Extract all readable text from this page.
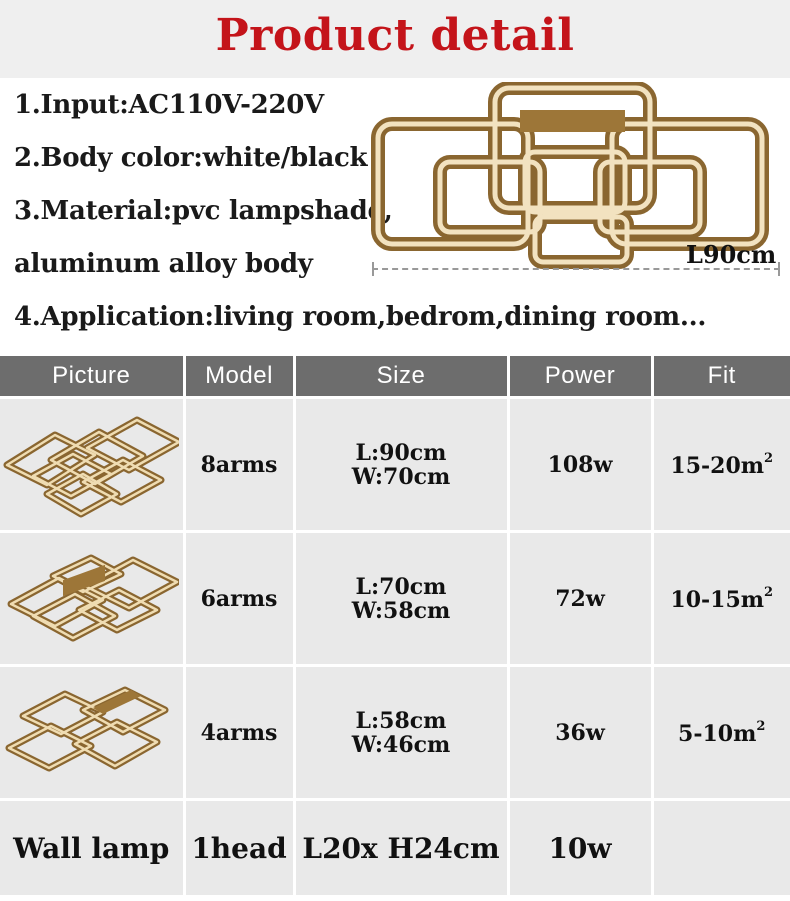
Product detail
1.Input:AC110V-220V
2.Body color:white/black
3.Material:pvc lampshade,
aluminum alloy body
4.Application:living room,bedrom,dining room...
L90cm
Picture	Model	Size	Power	Fit

	8arms	L:90cm
W:70cm	108w	$15-20m^2$

	6arms	L:70cm
W:58cm	72w	$10-15m^2$

	4arms	L:58cm
W:46cm	36w	$5-10m^2$
Wall lamp	1head	L20x H24cm	10w	
